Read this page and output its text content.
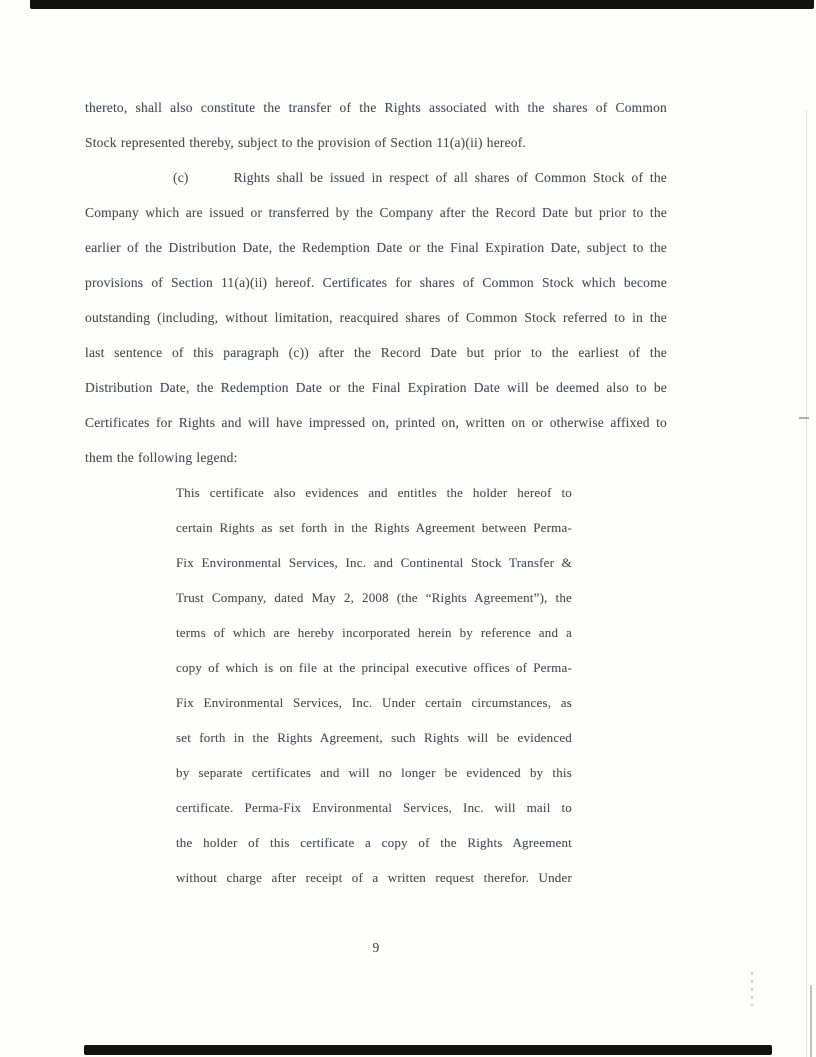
thereto, shall also constitute the transfer of the Rights associated with the shares of Common
Stock represented thereby, subject to the provision of Section 11(a)(ii) hereof.
(c)	Rights shall be issued in respect of all shares of Common Stock of the
Company which are issued or transferred by the Company after the Record Date but prior to the
earlier of the Distribution Date, the Redemption Date or the Final Expiration Date, subject to the
provisions of Section 11(a)(ii) hereof. Certificates for shares of Common Stock which become
outstanding (including, without limitation, reacquired shares of Common Stock referred to in the
last sentence of this paragraph (c)) after the Record Date but prior to the earliest of the
Distribution Date, the Redemption Date or the Final Expiration Date will be deemed also to be
Certificates for Rights and will have impressed on, printed on, written on or otherwise affixed to
them the following legend:
This certificate also evidences and entitles the holder hereof to
certain Rights as set forth in the Rights Agreement between Perma-
Fix Environmental Services, Inc. and Continental Stock Transfer &
Trust Company, dated May 2, 2008 (the “Rights Agreement”), the
terms of which are hereby incorporated herein by reference and a
copy of which is on file at the principal executive offices of Perma-
Fix Environmental Services, Inc. Under certain circumstances, as
set forth in the Rights Agreement, such Rights will be evidenced
by separate certificates and will no longer be evidenced by this
certificate. Perma-Fix Environmental Services, Inc. will mail to
the holder of this certificate a copy of the Rights Agreement
without charge after receipt of a written request therefor. Under
9
